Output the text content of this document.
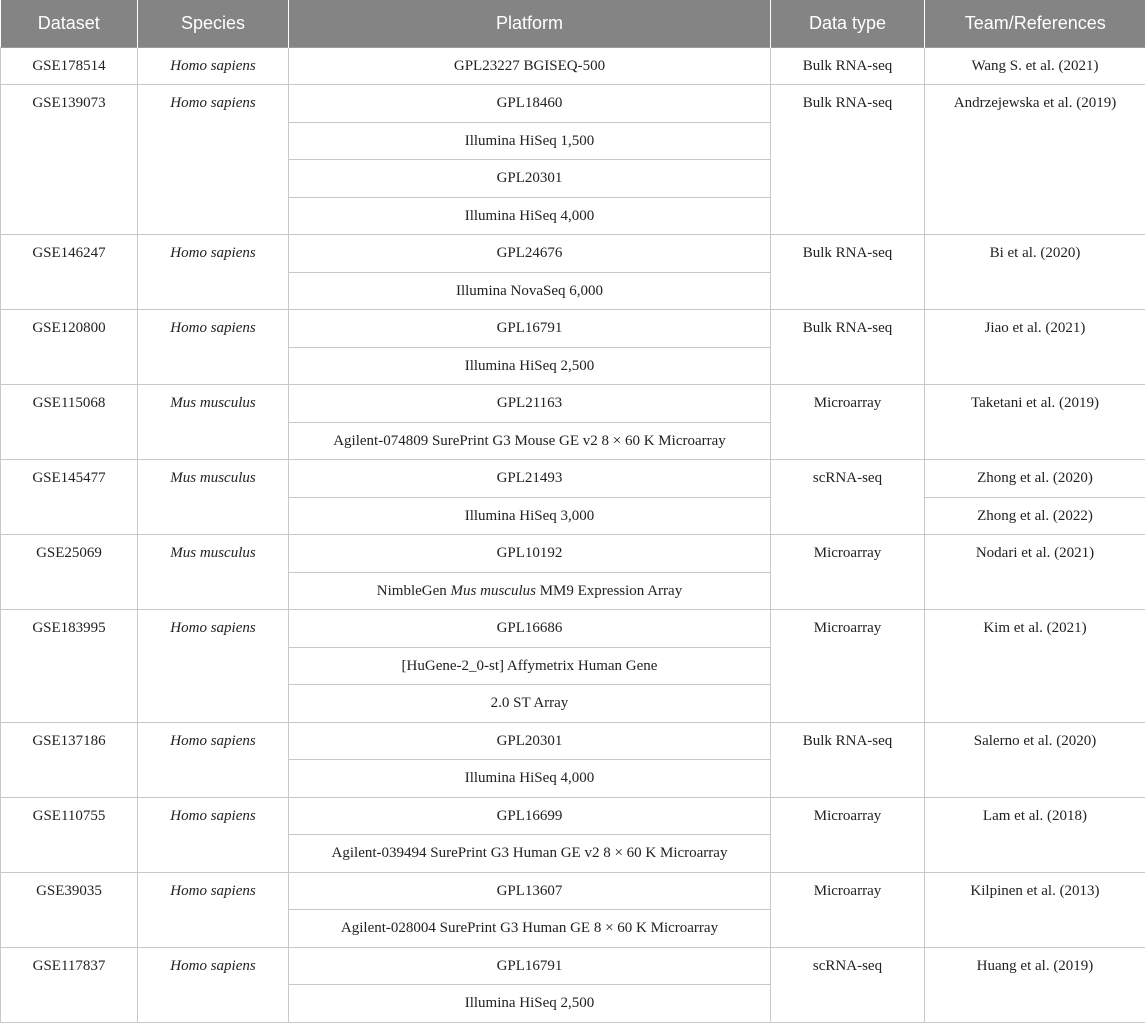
Dataset	Species	Platform	Data type	Team/References
GSE178514	Homo sapiens	GPL23227 BGISEQ-500	Bulk RNA-seq	Wang S. et al. (2021)
GSE139073	Homo sapiens	GPL18460	Bulk RNA-seq	Andrzejewska et al. (2019)
		Illumina HiSeq 1,500		
		GPL20301		
		Illumina HiSeq 4,000		
GSE146247	Homo sapiens	GPL24676	Bulk RNA-seq	Bi et al. (2020)
		Illumina NovaSeq 6,000		
GSE120800	Homo sapiens	GPL16791	Bulk RNA-seq	Jiao et al. (2021)
		Illumina HiSeq 2,500		
GSE115068	Mus musculus	GPL21163	Microarray	Taketani et al. (2019)
		Agilent-074809 SurePrint G3 Mouse GE v2 8 × 60 K Microarray		
GSE145477	Mus musculus	GPL21493	scRNA-seq	Zhong et al. (2020)
		Illumina HiSeq 3,000		Zhong et al. (2022)
GSE25069	Mus musculus	GPL10192	Microarray	Nodari et al. (2021)
		NimbleGen Mus musculus MM9 Expression Array		
GSE183995	Homo sapiens	GPL16686	Microarray	Kim et al. (2021)
		[HuGene-2_0-st] Affymetrix Human Gene		
		2.0 ST Array		
GSE137186	Homo sapiens	GPL20301	Bulk RNA-seq	Salerno et al. (2020)
		Illumina HiSeq 4,000		
GSE110755	Homo sapiens	GPL16699	Microarray	Lam et al. (2018)
		Agilent-039494 SurePrint G3 Human GE v2 8 × 60 K Microarray		
GSE39035	Homo sapiens	GPL13607	Microarray	Kilpinen et al. (2013)
		Agilent-028004 SurePrint G3 Human GE 8 × 60 K Microarray		
GSE117837	Homo sapiens	GPL16791	scRNA-seq	Huang et al. (2019)
		Illumina HiSeq 2,500		
